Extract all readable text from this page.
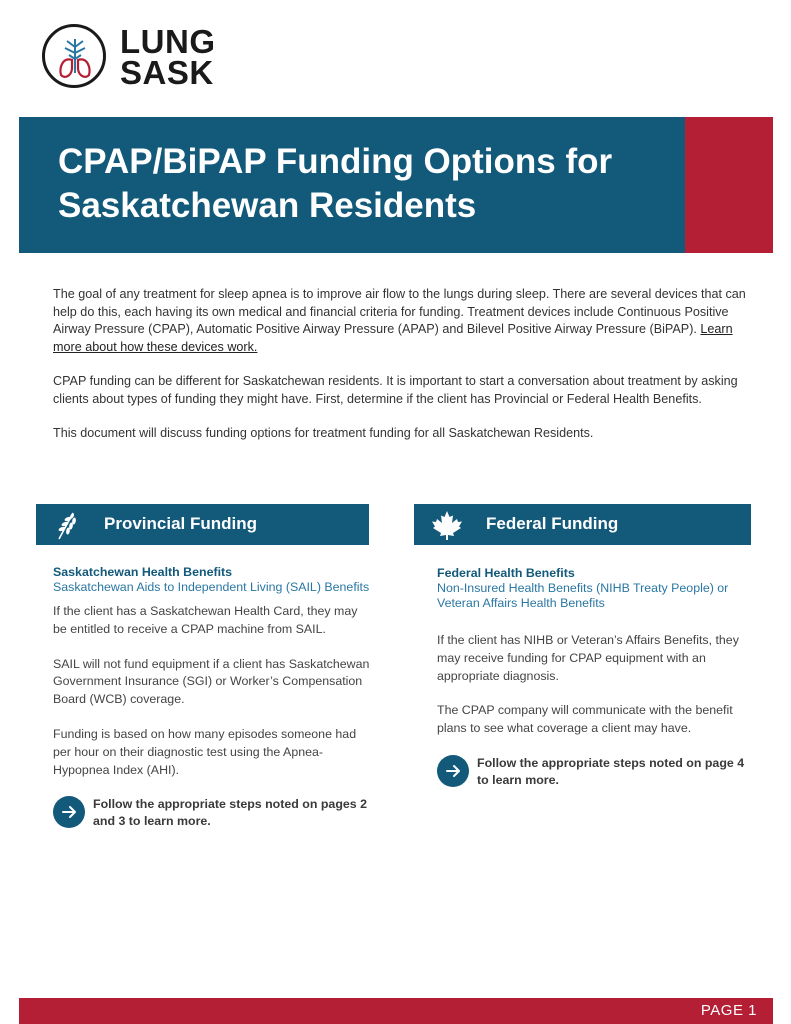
LUNG
SASK
CPAP/BiPAP Funding Options for Saskatchewan Residents

The goal of any treatment for sleep apnea is to improve air flow to the lungs during sleep. There are several devices that can help do this, each having its own medical and financial criteria for funding. Treatment devices include Continuous Positive Airway Pressure (CPAP), Automatic Positive Airway Pressure (APAP) and Bilevel Positive Airway Pressure (BiPAP). Learn more about how these devices work.

CPAP funding can be different for Saskatchewan residents. It is important to start a conversation about treatment by asking clients about types of funding they might have. First, determine if the client has Provincial or Federal Health Benefits.

This document will discuss funding options for treatment funding for all Saskatchewan Residents.

Provincial Funding	Federal Funding
Saskatchewan Health Benefits
Saskatchewan Aids to Independent Living (SAIL) Benefits

If the client has a Saskatchewan Health Card, they may be entitled to receive a CPAP machine from SAIL.

SAIL will not fund equipment if a client has Saskatchewan Government Insurance (SGI) or Worker’s Compensation Board (WCB) coverage.

Funding is based on how many episodes someone had per hour on their diagnostic test using the Apnea-Hypopnea Index (AHI).

Follow the appropriate steps noted on pages 2 and 3 to learn more.
Federal Health Benefits
Non-Insured Health Benefits (NIHB Treaty People) or Veteran Affairs Health Benefits

If the client has NIHB or Veteran’s Affairs Benefits, they may receive funding for CPAP equipment with an appropriate diagnosis.

The CPAP company will communicate with the benefit plans to see what coverage a client may have.

Follow the appropriate steps noted on page 4 to learn more.
PAGE 1
